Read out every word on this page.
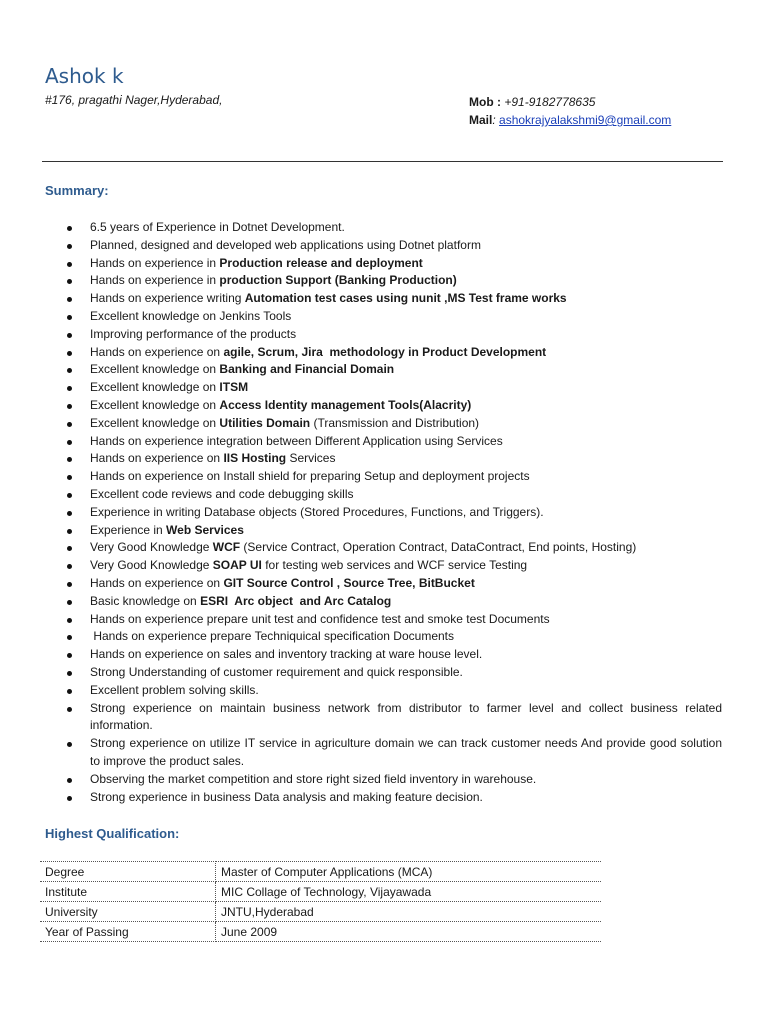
Ashok k
#176, pragathi Nager,Hyderabad,	Mob : +91-9182778635
Mail: ashokrajyalakshmi9@gmail.com
Summary:
6.5 years of Experience in Dotnet Development.
Planned, designed and developed web applications using Dotnet platform
Hands on experience in Production release and deployment
Hands on experience in production Support (Banking Production)
Hands on experience writing Automation test cases using nunit ,MS Test frame works
Excellent knowledge on Jenkins Tools
Improving performance of the products
Hands on experience on agile, Scrum, Jira  methodology in Product Development
Excellent knowledge on Banking and Financial Domain
Excellent knowledge on ITSM
Excellent knowledge on Access Identity management Tools(Alacrity)
Excellent knowledge on Utilities Domain (Transmission and Distribution)
Hands on experience integration between Different Application using Services
Hands on experience on IIS Hosting Services
Hands on experience on Install shield for preparing Setup and deployment projects
Excellent code reviews and code debugging skills
Experience in writing Database objects (Stored Procedures, Functions, and Triggers).
Experience in Web Services
Very Good Knowledge WCF (Service Contract, Operation Contract, DataContract, End points, Hosting)
Very Good Knowledge SOAP UI for testing web services and WCF service Testing
Hands on experience on GIT Source Control , Source Tree, BitBucket
Basic knowledge on ESRI  Arc object  and Arc Catalog
Hands on experience prepare unit test and confidence test and smoke test Documents
Hands on experience prepare Techniquical specification Documents
Hands on experience on sales and inventory tracking at ware house level.
Strong Understanding of customer requirement and quick responsible.
Excellent problem solving skills.
Strong experience on maintain business network from distributor to farmer level and collect business related information.
Strong experience on utilize IT service in agriculture domain we can track customer needs And provide good solution to improve the product sales.
Observing the market competition and store right sized field inventory in warehouse.
Strong experience in business Data analysis and making feature decision.
Highest Qualification:
Degree	Master of Computer Applications (MCA)
Institute	MIC Collage of Technology, Vijayawada
University	JNTU,Hyderabad
Year of Passing	June 2009
